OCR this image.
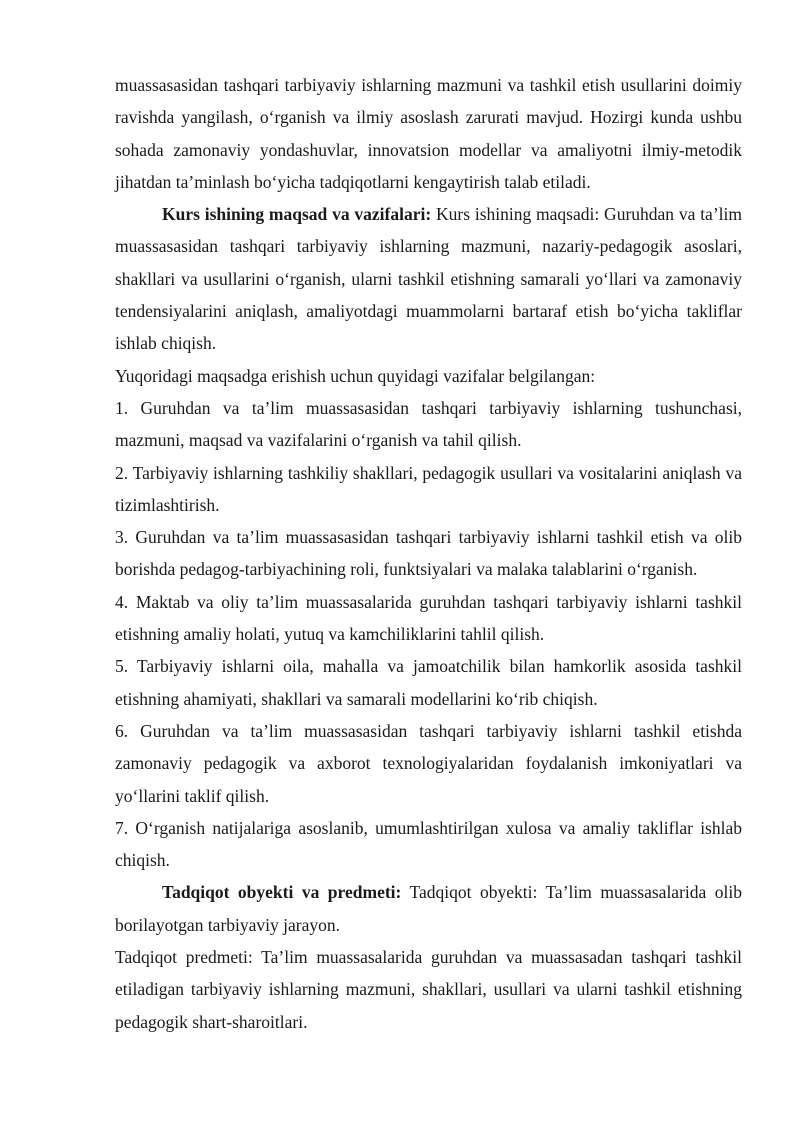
muassasasidan tashqari tarbiyaviy ishlarning mazmuni va tashkil etish usullarini doimiy ravishda yangilash, o‘rganish va ilmiy asoslash zarurati mavjud. Hozirgi kunda ushbu sohada zamonaviy yondashuvlar, innovatsion modellar va amaliyotni ilmiy-metodik jihatdan ta’minlash bo‘yicha tadqiqotlarni kengaytirish talab etiladi.

Kurs ishining maqsad va vazifalari: Kurs ishining maqsadi: Guruhdan va ta’lim muassasasidan tashqari tarbiyaviy ishlarning mazmuni, nazariy-pedagogik asoslari, shakllari va usullarini o‘rganish, ularni tashkil etishning samarali yo‘llari va zamonaviy tendensiyalarini aniqlash, amaliyotdagi muammolarni bartaraf etish bo‘yicha takliflar ishlab chiqish.

Yuqoridagi maqsadga erishish uchun quyidagi vazifalar belgilangan:

1. Guruhdan va ta’lim muassasasidan tashqari tarbiyaviy ishlarning tushunchasi, mazmuni, maqsad va vazifalarini o‘rganish va tahil qilish.

2. Tarbiyaviy ishlarning tashkiliy shakllari, pedagogik usullari va vositalarini aniqlash va tizimlashtirish.

3. Guruhdan va ta’lim muassasasidan tashqari tarbiyaviy ishlarni tashkil etish va olib borishda pedagog-tarbiyachining roli, funktsiyalari va malaka talablarini o‘rganish.

4. Maktab va oliy ta’lim muassasalarida guruhdan tashqari tarbiyaviy ishlarni tashkil etishning amaliy holati, yutuq va kamchiliklarini tahlil qilish.

5. Tarbiyaviy ishlarni oila, mahalla va jamoatchilik bilan hamkorlik asosida tashkil etishning ahamiyati, shakllari va samarali modellarini ko‘rib chiqish.

6. Guruhdan va ta’lim muassasasidan tashqari tarbiyaviy ishlarni tashkil etishda zamonaviy pedagogik va axborot texnologiyalaridan foydalanish imkoniyatlari va yo‘llarini taklif qilish.

7. O‘rganish natijalariga asoslanib, umumlashtirilgan xulosa va amaliy takliflar ishlab chiqish.

Tadqiqot obyekti va predmeti: Tadqiqot obyekti: Ta’lim muassasalarida olib borilayotgan tarbiyaviy jarayon.

Tadqiqot predmeti: Ta’lim muassasalarida guruhdan va muassasadan tashqari tashkil etiladigan tarbiyaviy ishlarning mazmuni, shakllari, usullari va ularni tashkil etishning pedagogik shart-sharoitlari.
